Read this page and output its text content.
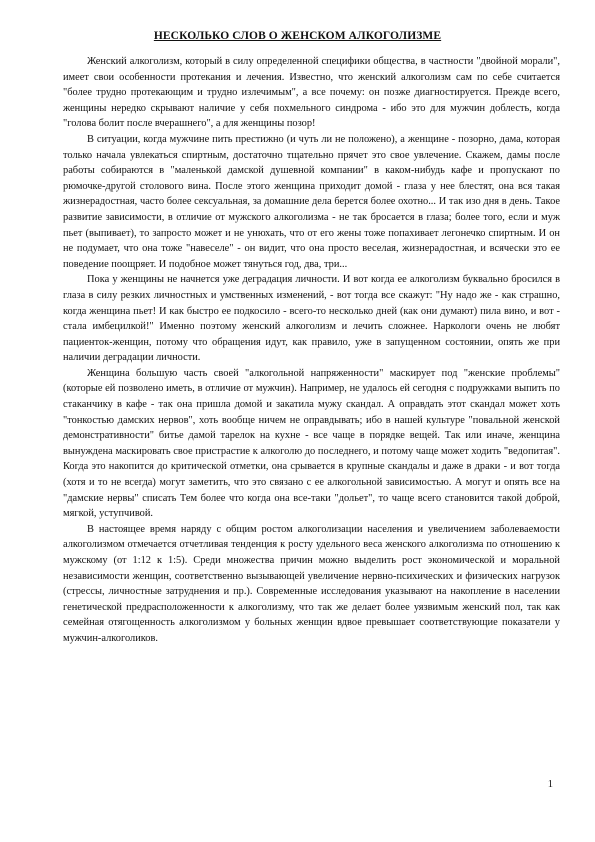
НЕСКОЛЬКО СЛОВ О ЖЕНСКОМ АЛКОГОЛИЗМЕ

Женский алкоголизм, который в силу определенной специфики общества, в частности "двойной морали", имеет свои особенности протекания и лечения. Известно, что женский алкоголизм сам по себе считается "более трудно протекающим и трудно излечимым", а все почему: он позже диагностируется. Прежде всего, женщины нередко скрывают наличие у себя похмельного синдрома - ибо это для мужчин доблесть, когда "голова болит после вчерашнего", а для женщины позор!

В ситуации, когда мужчине пить престижно (и чуть ли не положено), а женщине - позорно, дама, которая только начала увлекаться спиртным, достаточно тщательно прячет это свое увлечение. Скажем, дамы после работы собираются в "маленькой дамской душевной компании" в каком-нибудь кафе и пропускают по рюмочке-другой столового вина. После этого женщина приходит домой - глаза у нее блестят, она вся такая жизнерадостная, часто более сексуальная, за домашние дела берется более охотно... И так изо дня в день. Такое развитие зависимости, в отличие от мужского алкоголизма - не так бросается в глаза; более того, если и муж пьет (выпивает), то запросто может и не унюхать, что от его жены тоже попахивает легонечко спиртным. И он не подумает, что она тоже "навеселе" - он видит, что она просто веселая, жизнерадостная, и всячески это ее поведение поощряет. И подобное может тянуться год, два, три...

Пока у женщины не начнется уже деградация личности. И вот когда ее алкоголизм буквально бросился в глаза в силу резких личностных и умственных изменений, - вот тогда все скажут: "Ну надо же - как страшно, когда женщина пьет! И как быстро ее подкосило - всего-то несколько дней (как они думают) пила вино, и вот - стала имбецилкой!" Именно поэтому женский алкоголизм и лечить сложнее. Наркологи очень не любят пациенток-женщин, потому что обращения идут, как правило, уже в запущенном состоянии, опять же при наличии деградации личности.

Женщина большую часть своей "алкогольной напряженности" маскирует под "женские проблемы" (которые ей позволено иметь, в отличие от мужчин). Например, не удалось ей сегодня с подружками выпить по стаканчику в кафе - так она пришла домой и закатила мужу скандал. А оправдать этот скандал может хоть "тонкостью дамских нервов", хоть вообще ничем не оправдывать; ибо в нашей культуре "повальной женской демонстративности" битье дамой тарелок на кухне - все чаще в порядке вещей. Так или иначе, женщина вынуждена маскировать свое пристрастие к алкоголю до последнего, и потому чаще может ходить "ведопитая". Когда это накопится до критической отметки, она срывается в крупные скандалы и даже в драки - и вот тогда (хотя и то не всегда) могут заметить, что это связано с ее алкогольной зависимостью. А могут и опять все на "дамские нервы" списать Тем более что когда она все-таки "дольет", то чаще всего становится такой доброй, мягкой, уступчивой.

В настоящее время наряду с общим ростом алкоголизации населения и увеличением заболеваемости алкоголизмом отмечается отчетливая тенденция к росту удельного веса женского алкоголизма по отношению к мужскому (от 1:12 к 1:5). Среди множества причин можно выделить рост экономической и моральной независимости женщин, соответственно вызывающей увеличение нервно-психических и физических нагрузок (стрессы, личностные затруднения и пр.). Современные исследования указывают на накопление в населении генетической предрасположенности к алкоголизму, что так же делает более уязвимым женский пол, так как семейная отягощенность алкоголизмом у больных женщин вдвое превышает соответствующие показатели у мужчин-алкоголиков.

1
